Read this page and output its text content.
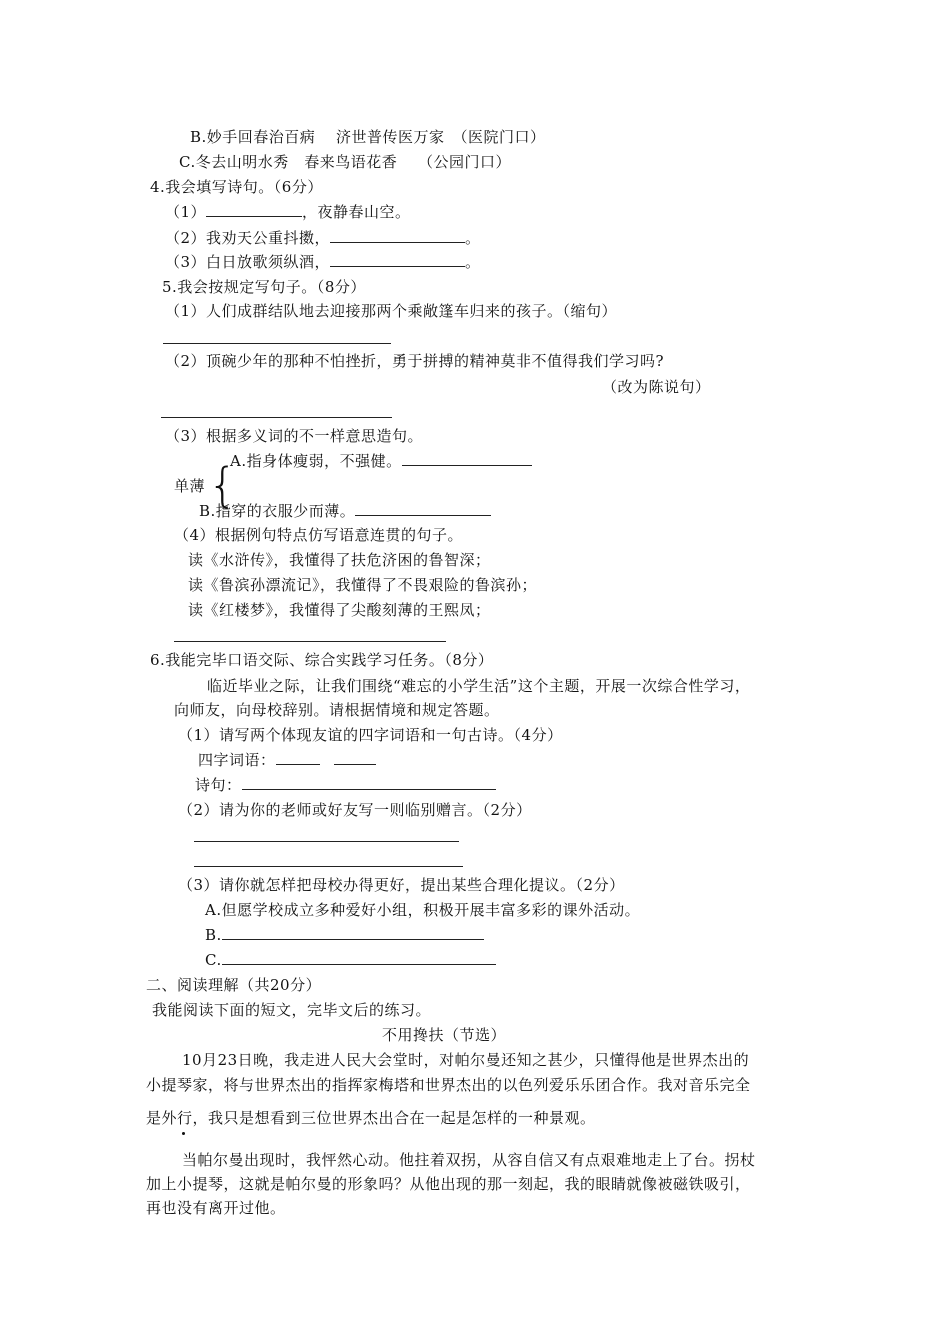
B.妙手回春治百病　 济世普传医万家　（医院门口）
C.冬去山明水秀　春来鸟语花香　 （公园门口）
4.我会填写诗句。（6分）
（1）	，夜静春山空。
（2）我劝天公重抖擞，	。
（3）白日放歌须纵酒，	。
5.我会按规定写句子。（8分）
（1）人们成群结队地去迎接那两个乘敞篷车归来的孩子。（缩句）
（2）顶碗少年的那种不怕挫折，勇于拼搏的精神莫非不值得我们学习吗?
（改为陈说句）
（3）根据多义词的不一样意思造句。
A.指身体瘦弱，不强健。
单薄 {
B.指穿的衣服少而薄。
（4）根据例句特点仿写语意连贯的句子。
读《水浒传》，我懂得了扶危济困的鲁智深；
读《鲁滨孙漂流记》，我懂得了不畏艰险的鲁滨孙；
读《红楼梦》，我懂得了尖酸刻薄的王熙凤；
6.我能完毕口语交际、综合实践学习任务。（8分）
临近毕业之际，让我们围绕“难忘的小学生活”这个主题，开展一次综合性学习，
向师友，向母校辞别。请根据情境和规定答题。
（1）请写两个体现友谊的四字词语和一句古诗。（4分）
四字词语：
诗句：
（2）请为你的老师或好友写一则临别赠言。（2分）
（3）请你就怎样把母校办得更好，提出某些合理化提议。（2分）
A.但愿学校成立多种爱好小组，积极开展丰富多彩的课外活动。
B.
C.
二、阅读理解（共20分）
我能阅读下面的短文，完毕文后的练习。
不用搀扶（节选）
10月23日晚，我走进人民大会堂时，对帕尔曼还知之甚少，只懂得他是世界杰出的
小提琴家，将与世界杰出的指挥家梅塔和世界杰出的以色列爱乐乐团合作。我对音乐完全
是外行，我只是想看到三位世界杰出合在一起是怎样的一种景观。
当帕尔曼出现时，我怦然心动。他拄着双拐，从容自信又有点艰难地走上了台。拐杖
加上小提琴，这就是帕尔曼的形象吗？从他出现的那一刻起，我的眼睛就像被磁铁吸引，
再也没有离开过他。
